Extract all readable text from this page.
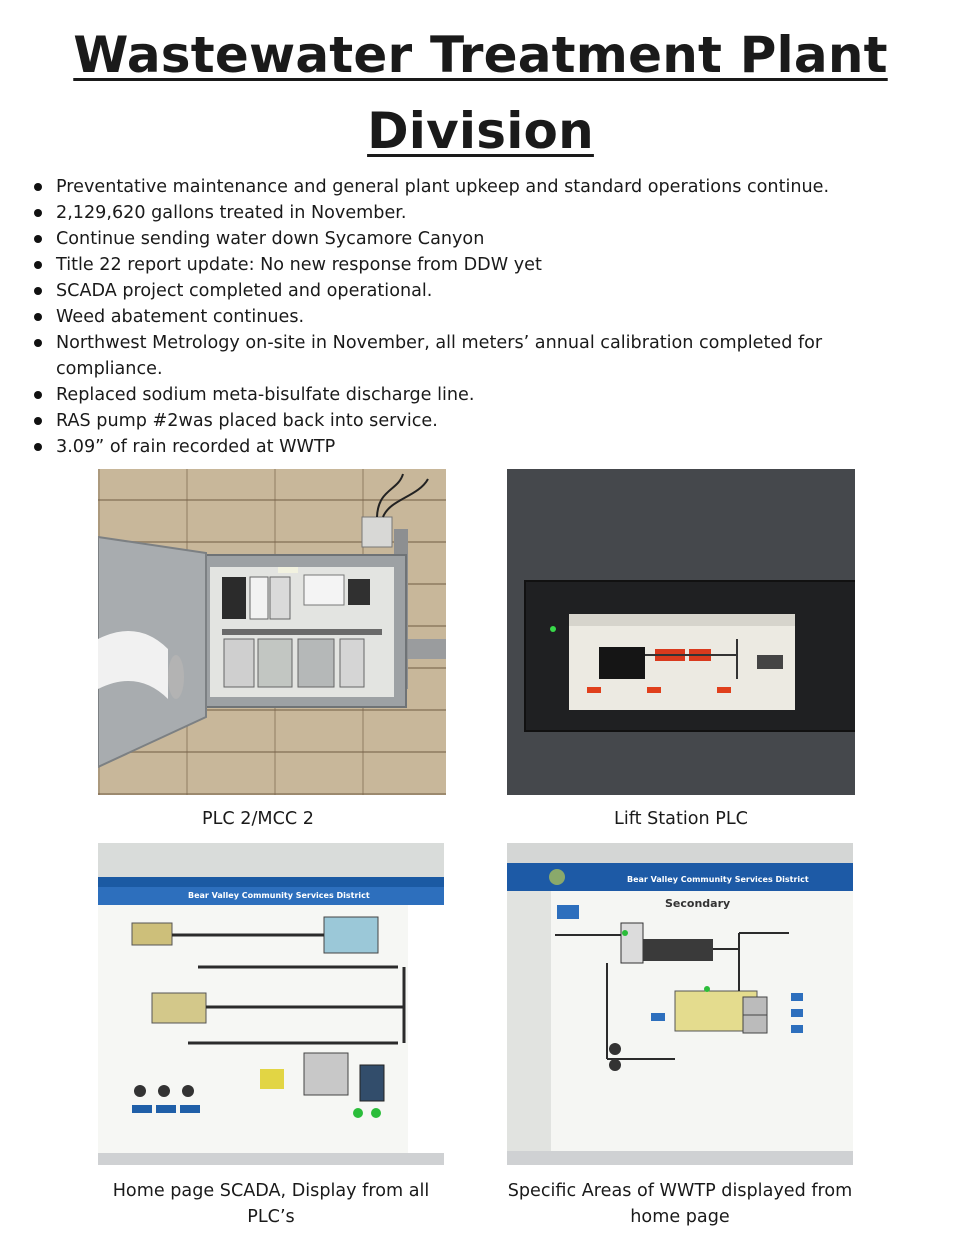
Wastewater Treatment Plant
Division
Preventative maintenance and general plant upkeep and standard operations continue.
2,129,620 gallons treated in November.
Continue sending water down Sycamore Canyon
Title 22 report update: No new response from DDW yet
SCADA project completed and operational.
Weed abatement continues.
Northwest Metrology on-site in November, all meters’ annual calibration completed for compliance.
Replaced sodium meta-bisulfate discharge line.
RAS pump #2was placed back into service.
3.09” of rain recorded at WWTP
PLC 2/MCC 2	Lift Station PLC
Bear Valley Community Services District
Home page SCADA, Display from all PLC’s
Bear Valley Community Services District
Secondary
Specific Areas of WWTP displayed from home page
